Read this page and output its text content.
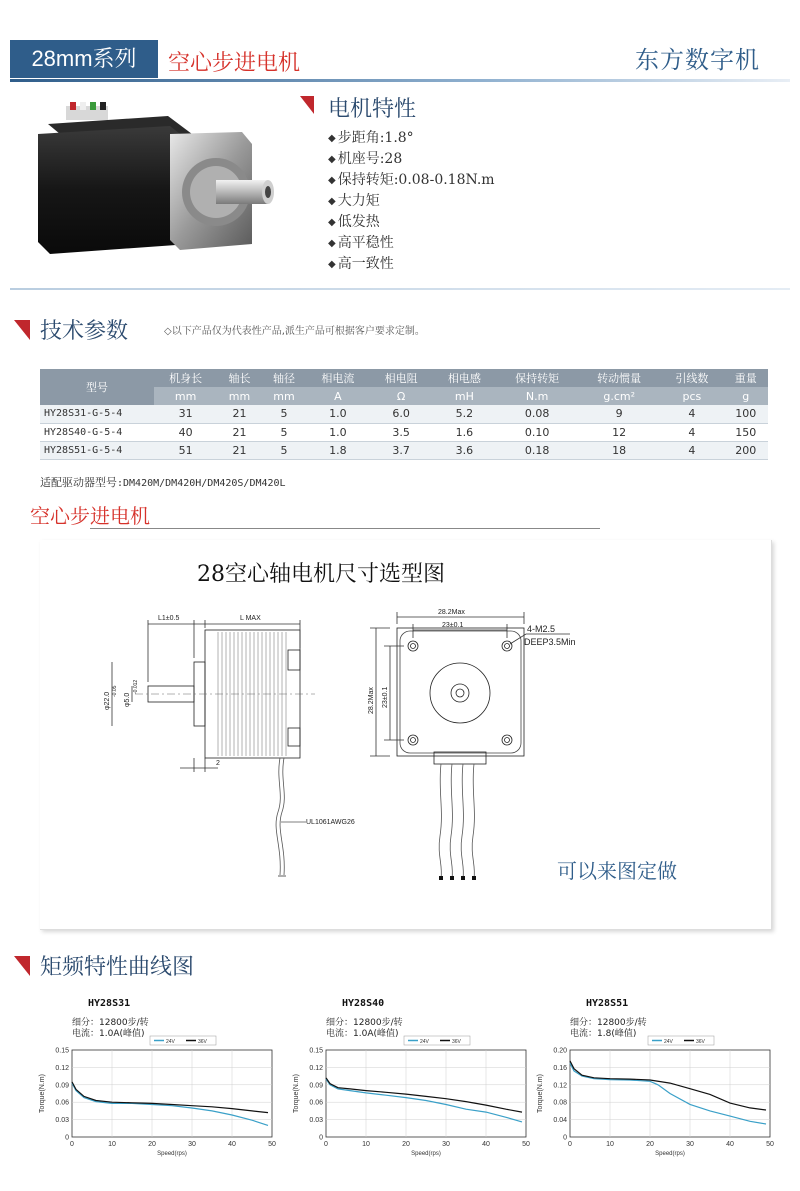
28mm系列	空心步进电机	东方数字机
电机特性
◆ 步距角:1.8°
◆ 机座号:28
◆ 保持转矩:0.08-0.18N.m
◆ 大力矩
◆ 低发热
◆ 高平稳性
◆ 高一致性
技术参数	◇以下产品仅为代表性产品,派生产品可根据客户要求定制。
型号	机身长	轴长	轴径	相电流	相电阻	相电感	保持转矩	转动惯量	引线数	重量
	mm	mm	mm	A	Ω	mH	N.m	g.cm²	pcs	g
HY28S31-G-5-4	31	21	5	1.0	6.0	5.2	0.08	9	4	100
HY28S40-G-5-4	40	21	5	1.0	3.5	1.6	0.10	12	4	150
HY28S51-G-5-4	51	21	5	1.8	3.7	3.6	0.18	18	4	200
适配驱动器型号:DM420M/DM420H/DM420S/DM420L
空心步进电机
28空心轴电机尺寸选型图
L1±0.5	L MAX
φ22.0
-0.05
φ5.0
-0.012
2
UL1061AWG26
28.2Max
23±0.1	4-M2.5
DEEP3.5Min
28.2Max 23±0.1
可以来图定做
矩频特性曲线图
HY28S31
细分：12800步/转
电流：1.0A(峰值)
24V	36V
0	10	20	30	40	50
0.03
0.06
0.09
0.12
0.15
0
Torque(N.m)
Speed(rps)
HY28S40
细分：12800步/转
电流：1.0A(峰值)
24V	36V
0	10	20	30	40	50
0.03
0.06
0.09
0.12
0.15
0
Torque(N.m)
Speed(rps)
HY28S51
细分：12800步/转
电流：1.8(峰值)
24V	36V
0	10	20	30	40	50
0.04
0.08
0.12
0.16
0.20
0
Torque(N.m)
Speed(rps)
